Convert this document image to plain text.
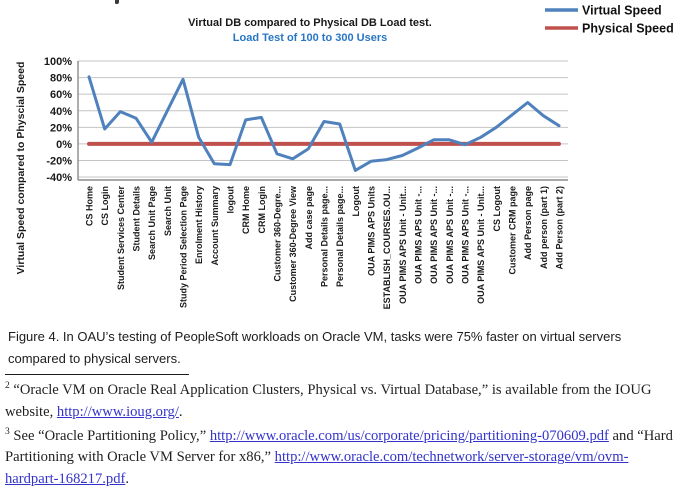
100%
80%
60%
40%
20%
0%
-20%
-40%
CS Home CS Login Student Services Center Student Details Search Unit Page Search Unit Study Period Selection Page Enrolment History Account Summary logout CRM Home CRM Login Customer 360-Degre... Customer 360-Degree View Add case page Personal Details page... Personal Details page... Logout OUA PIMS APS Units ESTABLISH_COURSES.OU... OUA PIMS APS Unit - Unit... OUA PIMS APS Unit -... OUA PIMS APS Unit -... OUA PIMS APS Unit -... OUA PIMS APS Unit -... OUA PIMS APS Unit - Unit... CS Logout Customer CRM page Add Person page Add person (part 1) Add Person (part 2)
Virtual DB compared to Physical DB Load test.
Load Test of 100 to 300 Users
Virtual Speed compared to Physcial Speed
Virtual Speed
Physical Speed
Figure 4. In OAU’s testing of PeopleSoft workloads on Oracle VM, tasks were 75% faster on virtual servers compared to physical servers.

$^2$ “Oracle VM on Oracle Real Application Clusters, Physical vs. Virtual Database,” is available from the IOUG website, http://www.ioug.org/.

$^3$ See “Oracle Partitioning Policy,” http://www.oracle.com/us/corporate/pricing/partitioning-070609.pdf and “Hard Partitioning with Oracle VM Server for x86,” http://www.oracle.com/technetwork/server-storage/vm/ovm-hardpart-168217.pdf.
